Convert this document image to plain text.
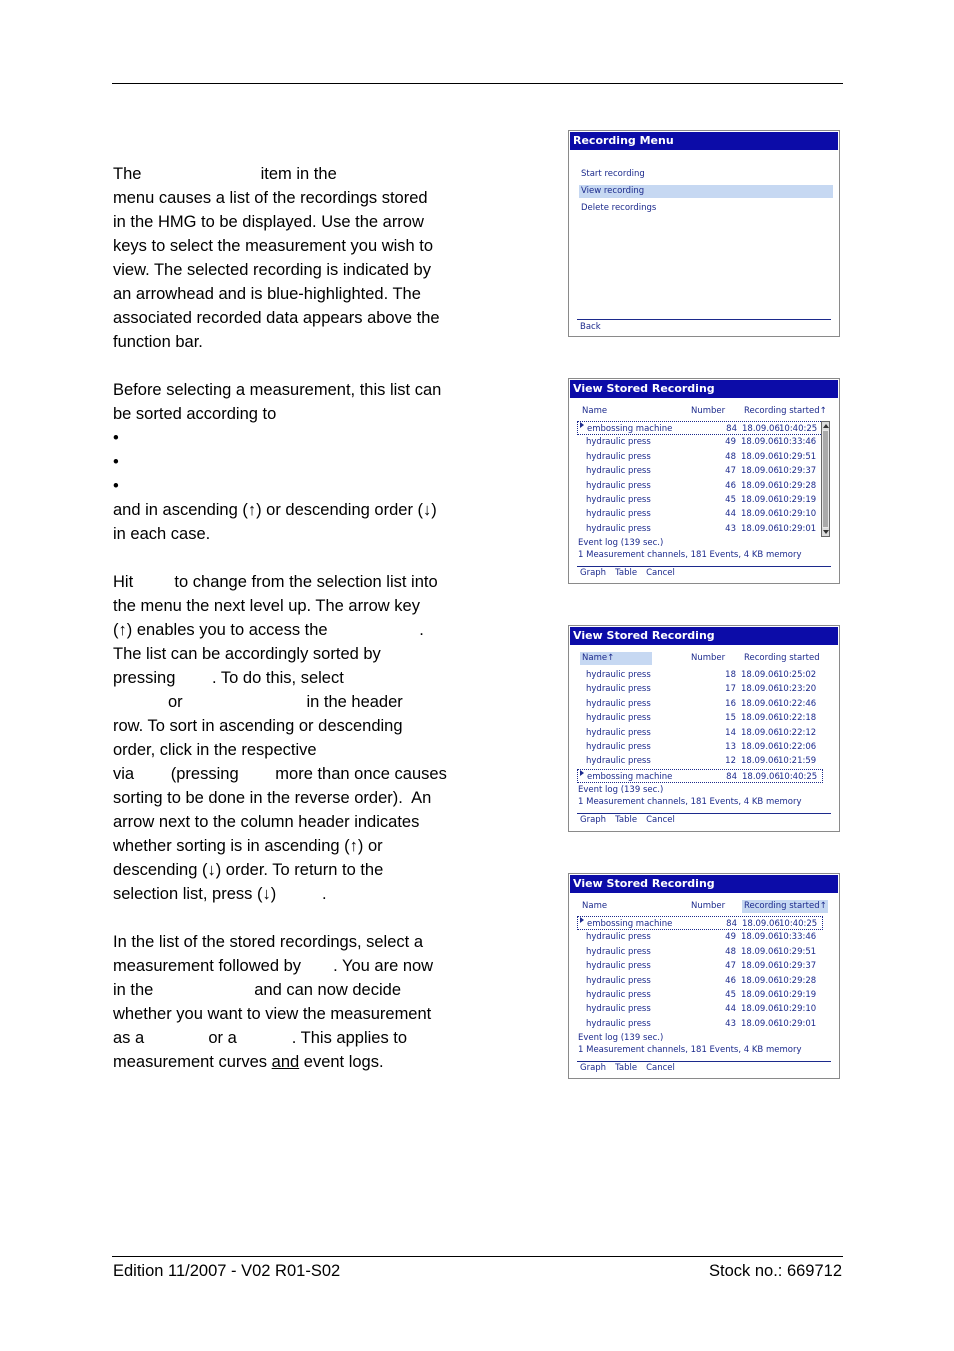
The                          item in the

menu causes a list of the recordings stored

in the HMG to be displayed. Use the arrow

keys to select the measurement you wish to

view. The selected recording is indicated by

an arrowhead and is blue-highlighted. The

associated recorded data appears above the

function bar.

Before selecting a measurement, this list can

be sorted according to

•
•
•

and in ascending (↑) or descending order (↓)

in each case.

Hit         to change from the selection list into

the menu the next level up. The arrow key

(↑) enables you to access the                    .

The list can be accordingly sorted by

pressing        . To do this, select

or                           in the header

row. To sort in ascending or descending

order, click in the respective

via        (pressing        more than once causes

sorting to be done in the reverse order).  An

arrow next to the column header indicates

whether sorting is in ascending (↑) or

descending (↓) order. To return to the

selection list, press (↓)          .

In the list of the stored recordings, select a

measurement followed by       . You are now

in the                      and can now decide

whether you want to view the measurement

as a              or a            . This applies to

measurement curves and event logs.

Recording Menu
Start recording
View recording
Delete recordings
Back
View Stored Recording
Name	Number	Recording started↑
embossing machine	84 18.09.06 10:40:25
hydraulic press	49 18.09.06 10:33:46
hydraulic press	48 18.09.06 10:29:51
hydraulic press	47 18.09.06 10:29:37
hydraulic press	46 18.09.06 10:29:28
hydraulic press	45 18.09.06 10:29:19
hydraulic press	44 18.09.06 10:29:10
hydraulic press	43 18.09.06 10:29:01
Event log (139 sec.)
1 Measurement channels, 181 Events, 4 KB memory
Graph Table Cancel
View Stored Recording
Name↑	Number	Recording started
hydraulic press	18 18.09.06 10:25:02
hydraulic press	17 18.09.06 10:23:20
hydraulic press	16 18.09.06 10:22:46
hydraulic press	15 18.09.06 10:22:18
hydraulic press	14 18.09.06 10:22:12
hydraulic press	13 18.09.06 10:22:06
hydraulic press	12 18.09.06 10:21:59
embossing machine	84 18.09.06 10:40:25
Event log (139 sec.)
1 Measurement channels, 181 Events, 4 KB memory
Graph Table Cancel
View Stored Recording
Name	Number	Recording started↑
embossing machine	84 18.09.06 10:40:25
hydraulic press	49 18.09.06 10:33:46
hydraulic press	48 18.09.06 10:29:51
hydraulic press	47 18.09.06 10:29:37
hydraulic press	46 18.09.06 10:29:28
hydraulic press	45 18.09.06 10:29:19
hydraulic press	44 18.09.06 10:29:10
hydraulic press	43 18.09.06 10:29:01
Event log (139 sec.)
1 Measurement channels, 181 Events, 4 KB memory
Graph Table Cancel
Edition 11/2007 - V02 R01-S02	Stock no.: 669712
